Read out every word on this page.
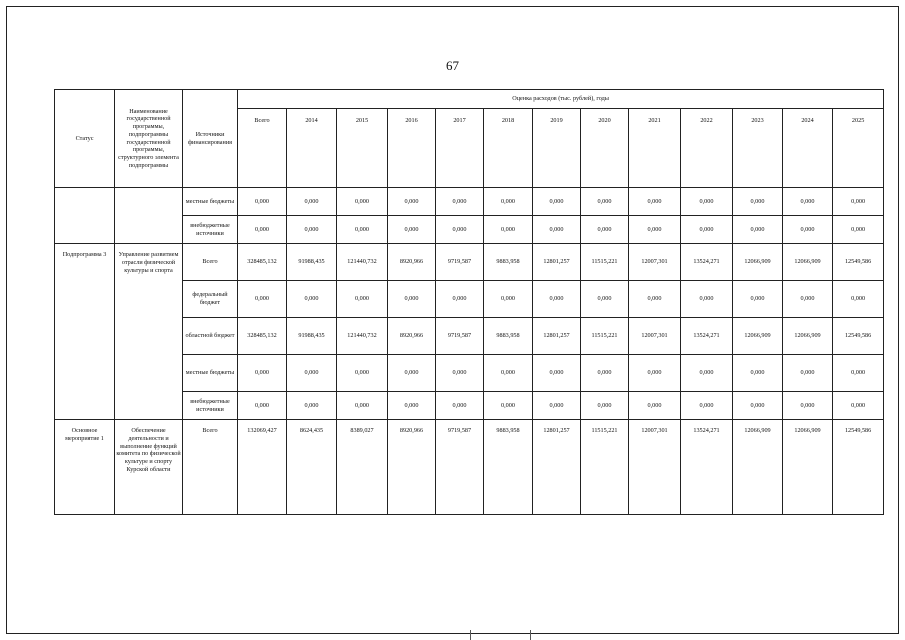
67
Статус	Наименование государственной программы, подпрограммы государственной программы, структурного элемента подпрограммы	Источники финансирования	Оценка расходов (тыс. рублей), годы												
			Всего	2014	2015	2016	2017	2018	2019	2020	2021	2022	2023	2024	2025
		местные бюджеты	0,000	0,000	0,000	0,000	0,000	0,000	0,000	0,000	0,000	0,000	0,000	0,000	0,000
		внебюджетные источники	0,000	0,000	0,000	0,000	0,000	0,000	0,000	0,000	0,000	0,000	0,000	0,000	0,000
Подпрограмма 3	Управление развитием отрасли физической культуры и спорта	Всего	328485,132	91988,435	121440,732	8920,966	9719,587	9883,958	12801,257	11515,221	12007,301	13524,271	12066,909	12066,909	12549,586
		федеральный бюджет	0,000	0,000	0,000	0,000	0,000	0,000	0,000	0,000	0,000	0,000	0,000	0,000	0,000
		областной бюджет	328485,132	91988,435	121440,732	8920,966	9719,587	9883,958	12801,257	11515,221	12007,301	13524,271	12066,909	12066,909	12549,586
		местные бюджеты	0,000	0,000	0,000	0,000	0,000	0,000	0,000	0,000	0,000	0,000	0,000	0,000	0,000
		внебюджетные источники	0,000	0,000	0,000	0,000	0,000	0,000	0,000	0,000	0,000	0,000	0,000	0,000	0,000
Основное мероприятие 1	Обеспечение деятельности и выполнение функций комитета по физической культуре и спорту Курской области	Всего	132069,427	8624,435	8389,027	8920,966	9719,587	9883,958	12801,257	11515,221	12007,301	13524,271	12066,909	12066,909	12549,586
